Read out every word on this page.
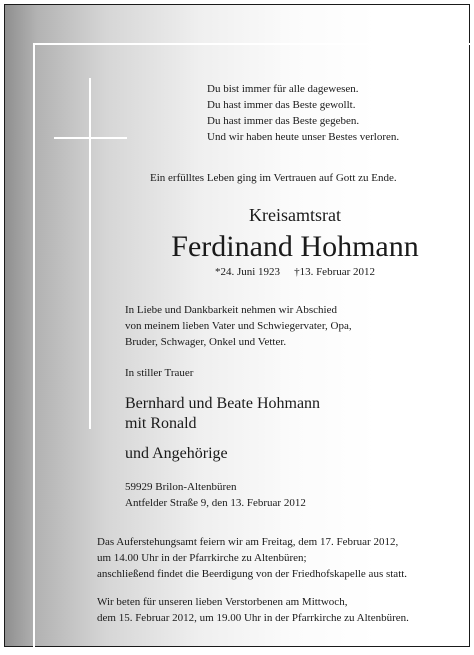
Du bist immer für alle dagewesen.
Du hast immer das Beste gewollt.
Du hast immer das Beste gegeben.
Und wir haben heute unser Bestes verloren.

Ein erfülltes Leben ging im Vertrauen auf Gott zu Ende.

Kreisamtsrat
Ferdinand Hohmann
*24. Juni 1923 †13. Februar 2012

In Liebe und Dankbarkeit nehmen wir Abschied
von meinem lieben Vater und Schwiegervater, Opa,
Bruder, Schwager, Onkel und Vetter.

In stiller Trauer

Bernhard und Beate Hohmann

mit Ronald

und Angehörige

59929 Brilon-Altenbüren
Antfelder Straße 9, den 13. Februar 2012

Das Auferstehungsamt feiern wir am Freitag, dem 17. Februar 2012,
um 14.00 Uhr in der Pfarrkirche zu Altenbüren;
anschließend findet die Beerdigung von der Friedhofskapelle aus statt.

Wir beten für unseren lieben Verstorbenen am Mittwoch,
dem 15. Februar 2012, um 19.00 Uhr in der Pfarrkirche zu Altenbüren.
